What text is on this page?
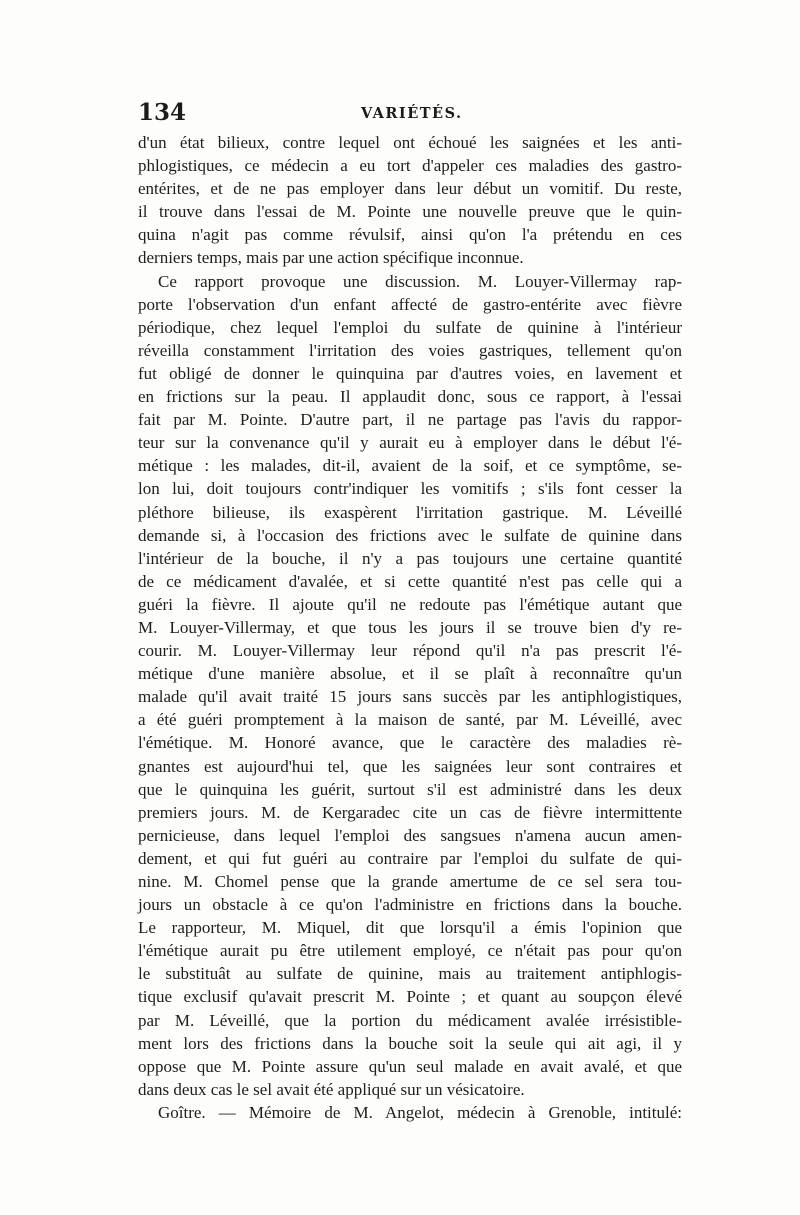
134	VARIÉTÉS.
d'un état bilieux, contre lequel ont échoué les saignées et les anti-
phlogistiques, ce médecin a eu tort d'appeler ces maladies des gastro-
entérites, et de ne pas employer dans leur début un vomitif. Du reste,
il trouve dans l'essai de M. Pointe une nouvelle preuve que le quin-
quina n'agit pas comme révulsif, ainsi qu'on l'a prétendu en ces
derniers temps, mais par une action spécifique inconnue.
Ce rapport provoque une discussion. M. Louyer-Villermay rap-
porte l'observation d'un enfant affecté de gastro-entérite avec fièvre
périodique, chez lequel l'emploi du sulfate de quinine à l'intérieur
réveilla constamment l'irritation des voies gastriques, tellement qu'on
fut obligé de donner le quinquina par d'autres voies, en lavement et
en frictions sur la peau. Il applaudit donc, sous ce rapport, à l'essai
fait par M. Pointe. D'autre part, il ne partage pas l'avis du rappor-
teur sur la convenance qu'il y aurait eu à employer dans le début l'é-
métique : les malades, dit-il, avaient de la soif, et ce symptôme, se-
lon lui, doit toujours contr'indiquer les vomitifs ; s'ils font cesser la
pléthore bilieuse, ils exaspèrent l'irritation gastrique. M. Léveillé
demande si, à l'occasion des frictions avec le sulfate de quinine dans
l'intérieur de la bouche, il n'y a pas toujours une certaine quantité
de ce médicament d'avalée, et si cette quantité n'est pas celle qui a
guéri la fièvre. Il ajoute qu'il ne redoute pas l'émétique autant que
M. Louyer-Villermay, et que tous les jours il se trouve bien d'y re-
courir. M. Louyer-Villermay leur répond qu'il n'a pas prescrit l'é-
métique d'une manière absolue, et il se plaît à reconnaître qu'un
malade qu'il avait traité 15 jours sans succès par les antiphlogistiques,
a été guéri promptement à la maison de santé, par M. Léveillé, avec
l'émétique. M. Honoré avance, que le caractère des maladies rè-
gnantes est aujourd'hui tel, que les saignées leur sont contraires et
que le quinquina les guérit, surtout s'il est administré dans les deux
premiers jours. M. de Kergaradec cite un cas de fièvre intermittente
pernicieuse, dans lequel l'emploi des sangsues n'amena aucun amen-
dement, et qui fut guéri au contraire par l'emploi du sulfate de qui-
nine. M. Chomel pense que la grande amertume de ce sel sera tou-
jours un obstacle à ce qu'on l'administre en frictions dans la bouche.
Le rapporteur, M. Miquel, dit que lorsqu'il a émis l'opinion que
l'émétique aurait pu être utilement employé, ce n'était pas pour qu'on
le substituât au sulfate de quinine, mais au traitement antiphlogis-
tique exclusif qu'avait prescrit M. Pointe ; et quant au soupçon élevé
par M. Léveillé, que la portion du médicament avalée irrésistible-
ment lors des frictions dans la bouche soit la seule qui ait agi, il y
oppose que M. Pointe assure qu'un seul malade en avait avalé, et que
dans deux cas le sel avait été appliqué sur un vésicatoire.
Goître. — Mémoire de M. Angelot, médecin à Grenoble, intitulé:
